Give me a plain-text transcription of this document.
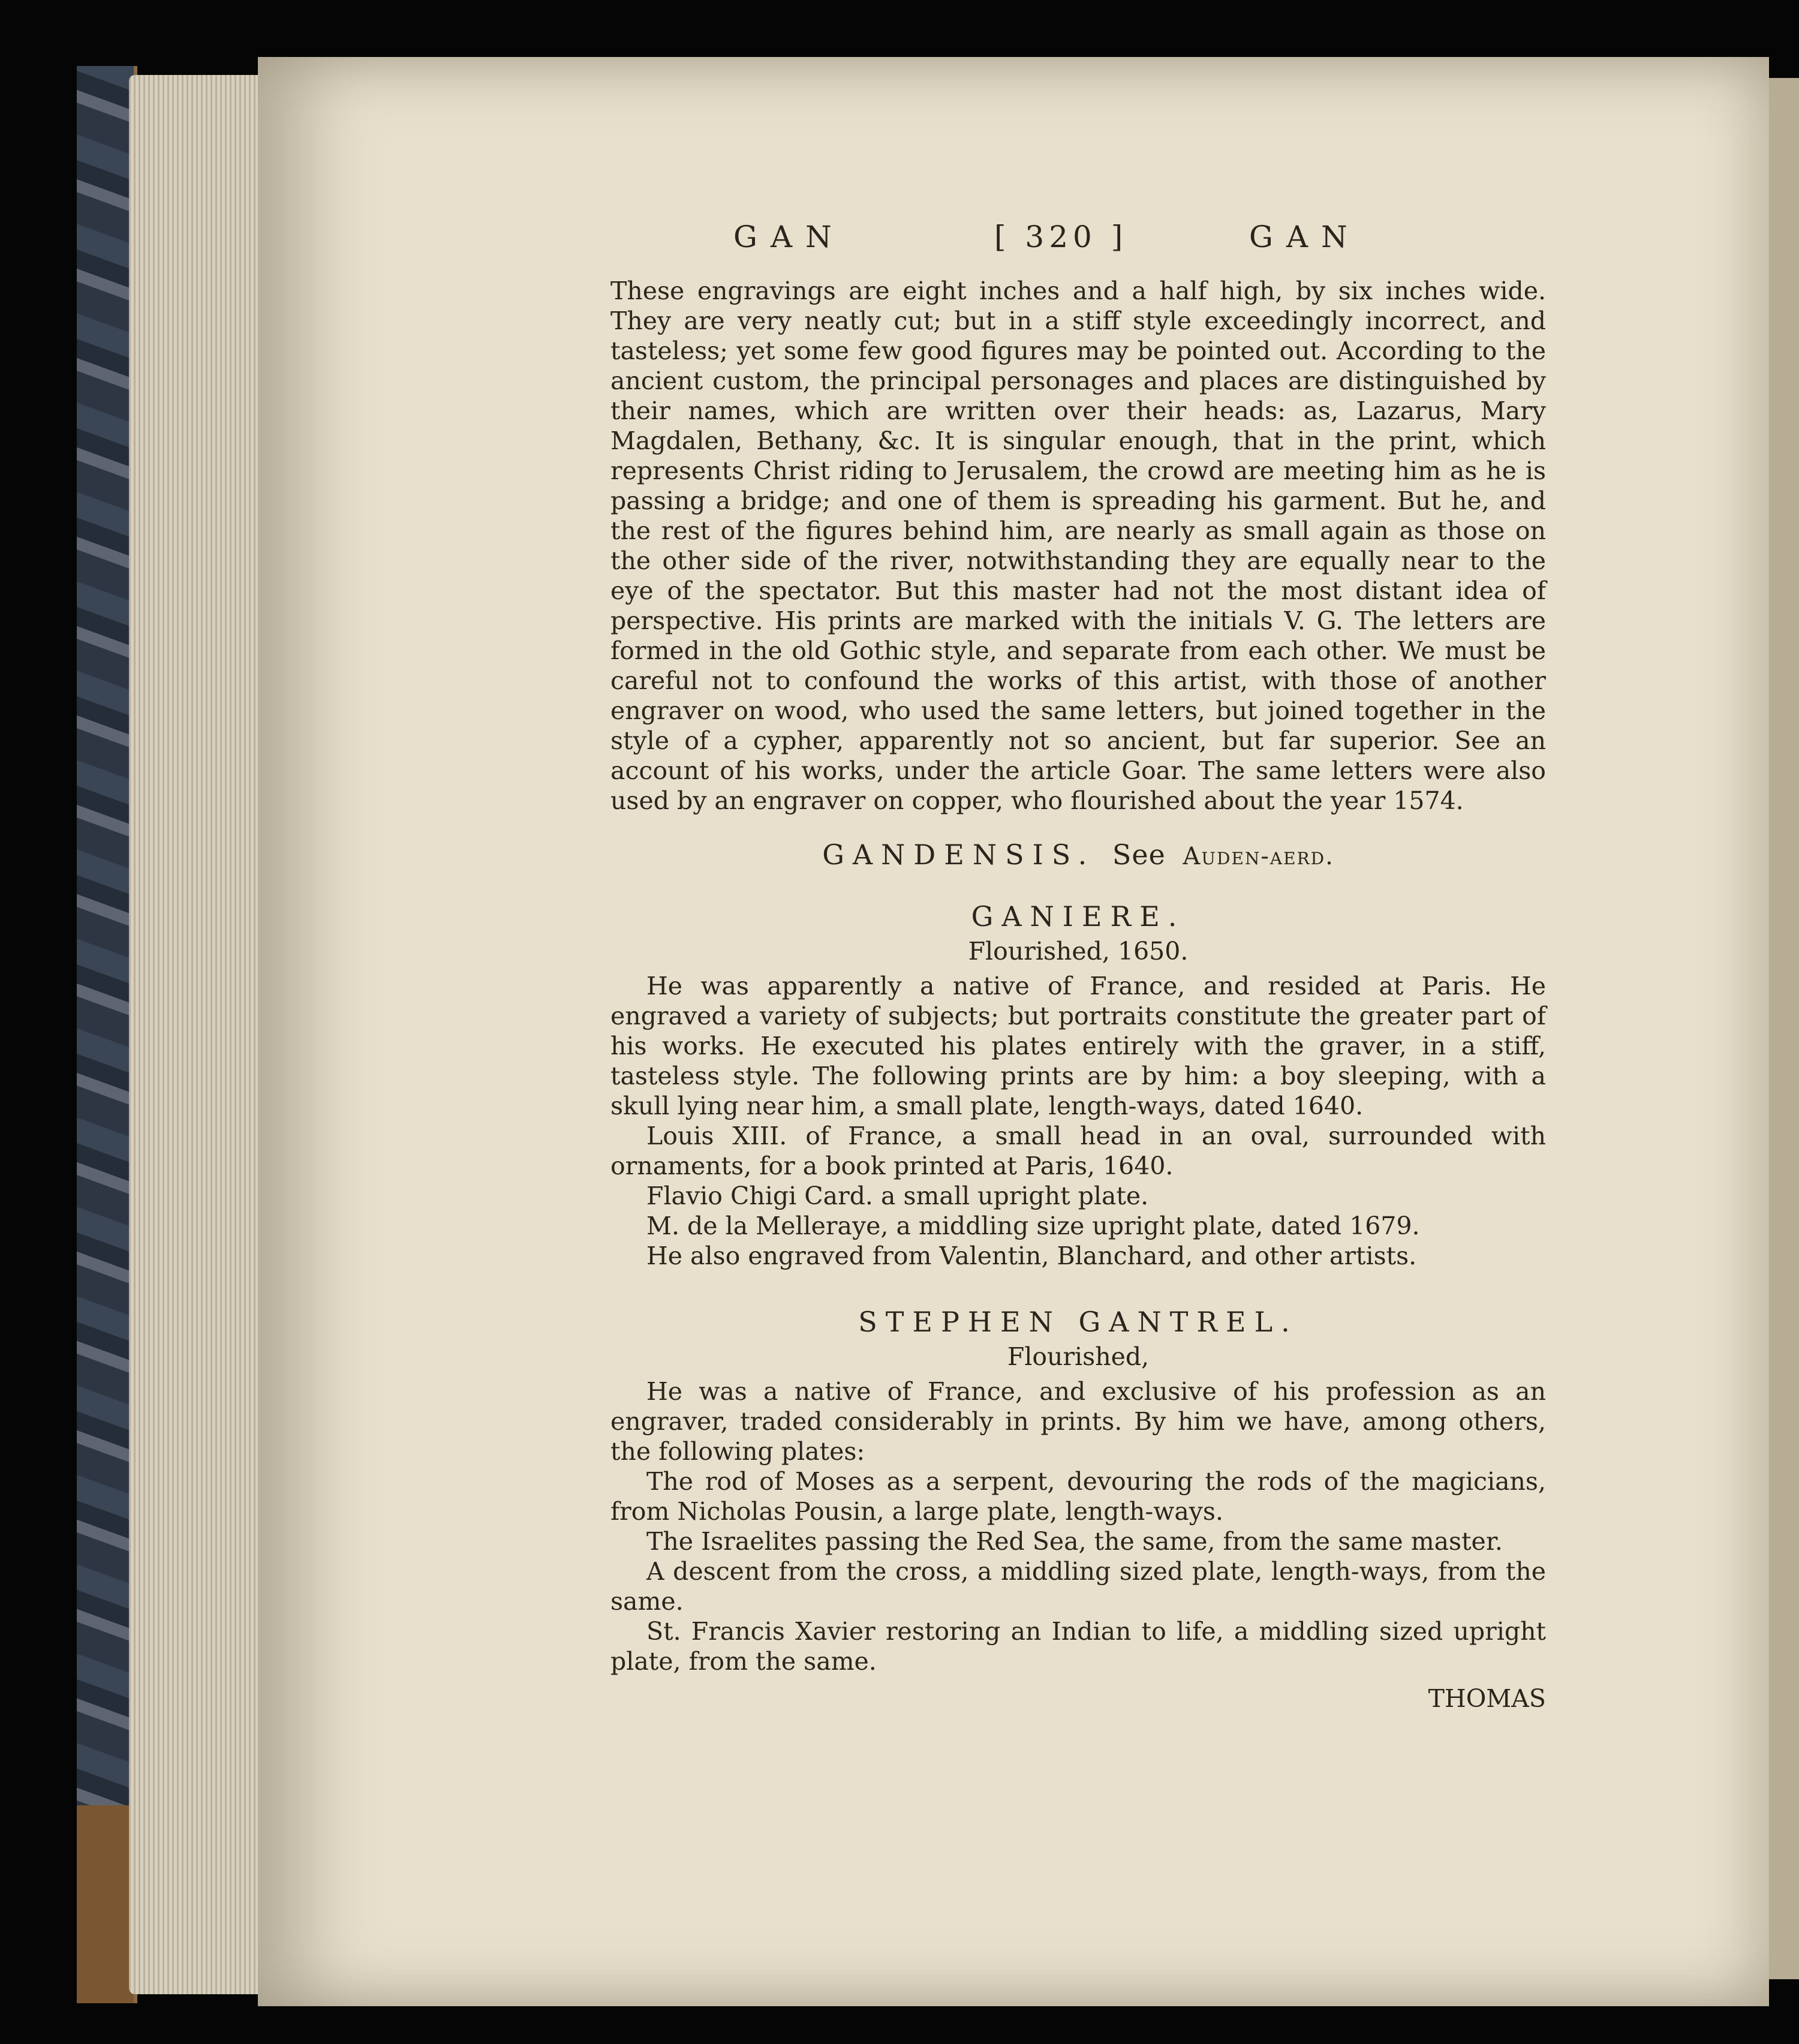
GAN	[ 320 ]	GAN

These engravings are eight inches and a half high, by six inches wide. They are very neatly cut; but in a stiff style exceedingly incorrect, and tasteless; yet some few good figures may be pointed out. According to the ancient custom, the principal personages and places are distinguished by their names, which are written over their heads: as, Lazarus, Mary Magdalen, Bethany, &c. It is singular enough, that in the print, which represents Christ riding to Jerusalem, the crowd are meeting him as he is passing a bridge; and one of them is spreading his garment. But he, and the rest of the figures behind him, are nearly as small again as those on the other side of the river, notwithstanding they are equally near to the eye of the spectator. But this master had not the most distant idea of perspective. His prints are marked with the initials V. G. The letters are formed in the old Gothic style, and separate from each other. We must be careful not to confound the works of this artist, with those of another engraver on wood, who used the same letters, but joined together in the style of a cypher, apparently not so ancient, but far superior. See an account of his works, under the article Goar. The same letters were also used by an engraver on copper, who flourished about the year 1574.

GANDENSIS. See Auden-aerd.
GANIERE.
Flourished, 1650.

He was apparently a native of France, and resided at Paris. He engraved a variety of subjects; but portraits constitute the greater part of his works. He executed his plates entirely with the graver, in a stiff, tasteless style. The following prints are by him: a boy sleeping, with a skull lying near him, a small plate, length-ways, dated 1640.

Louis XIII. of France, a small head in an oval, surrounded with ornaments, for a book printed at Paris, 1640.

Flavio Chigi Card. a small upright plate.

M. de la Melleraye, a middling size upright plate, dated 1679.

He also engraved from Valentin, Blanchard, and other artists.

STEPHEN GANTREL.
Flourished,

He was a native of France, and exclusive of his profession as an engraver, traded considerably in prints. By him we have, among others, the following plates:

The rod of Moses as a serpent, devouring the rods of the magicians, from Nicholas Pousin, a large plate, length-ways.

The Israelites passing the Red Sea, the same, from the same master.

A descent from the cross, a middling sized plate, length-ways, from the same.

St. Francis Xavier restoring an Indian to life, a middling sized upright plate, from the same.

THOMAS
